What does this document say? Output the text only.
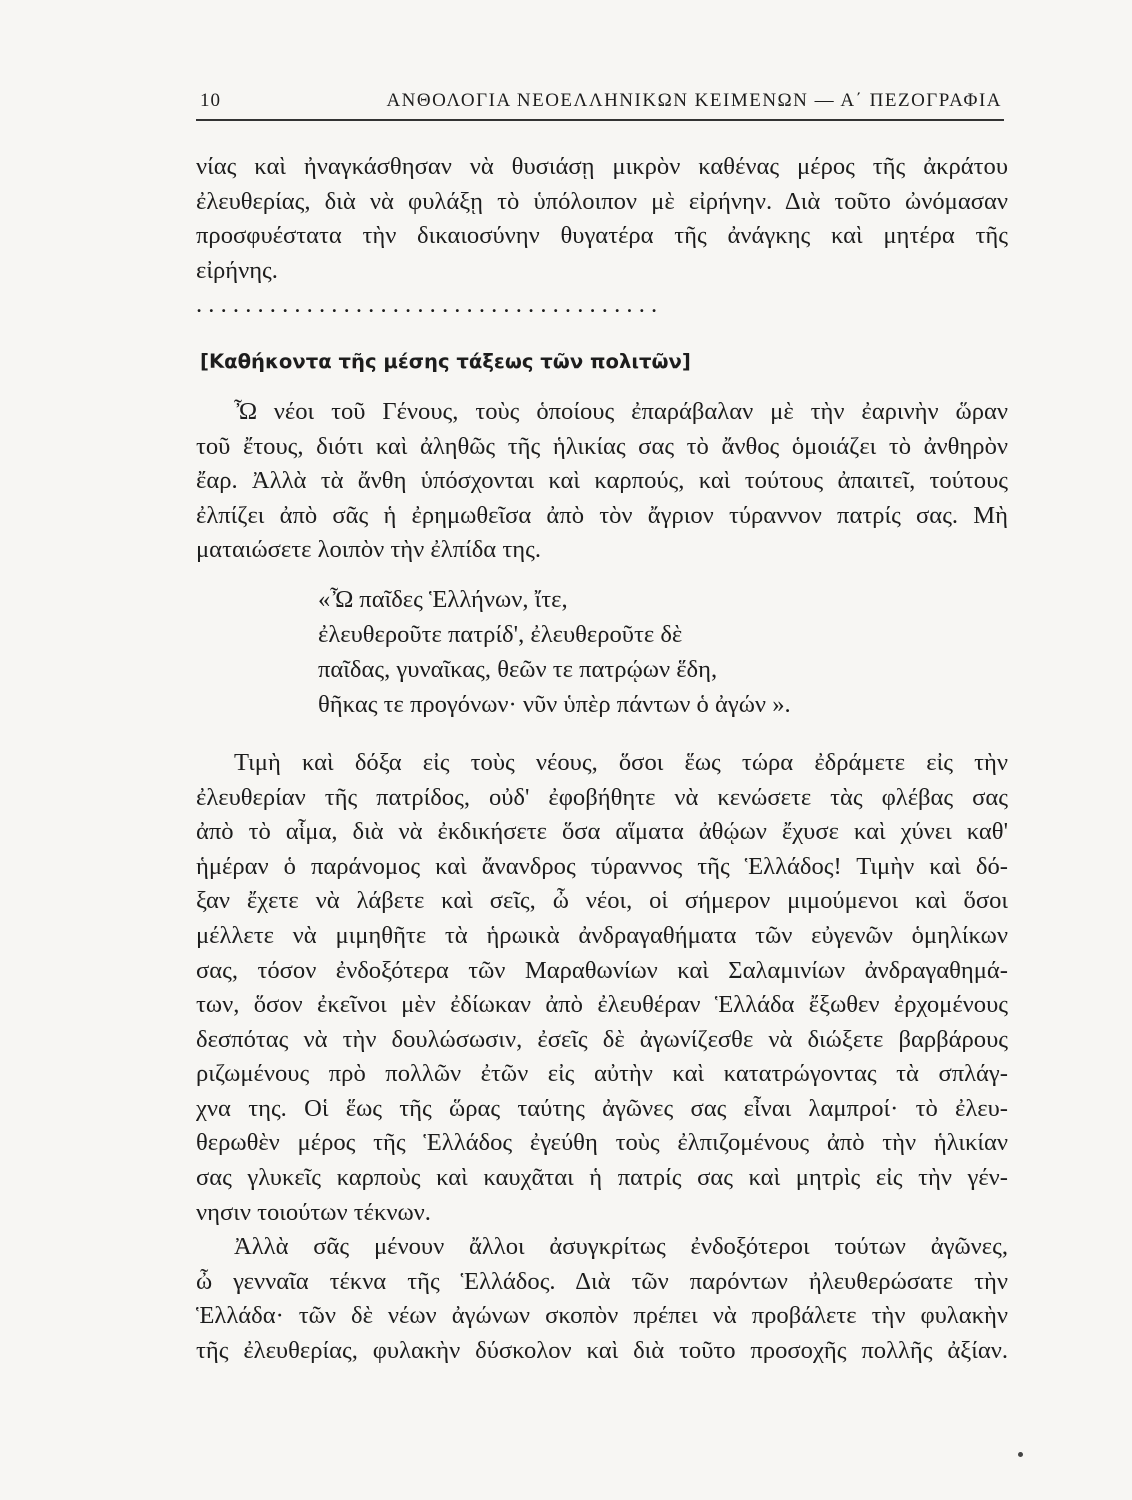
10	ΑΝΘΟΛΟΓΙΑ ΝΕΟΕΛΛΗΝΙΚΩΝ ΚΕΙΜΕΝΩΝ — Α΄ ΠΕΖΟΓΡΑΦΙΑ
νίας καὶ ἠναγκάσθησαν νὰ θυσιάσῃ μικρὸν καθένας μέρος τῆς ἀκράτου
ἐλευθερίας, διὰ νὰ φυλάξῃ τὸ ὑπόλοιπον μὲ εἰρήνην. Διὰ τοῦτο ὠνόμασαν
προσφυέστατα τὴν δικαιοσύνην θυγατέρα τῆς ἀνάγκης καὶ μητέρα τῆς
εἰρήνης.
. . . . . . . . . . . . . . . . . . . . . . . . . . . . . . . . . . . . . .
[Καθήκοντα τῆς μέσης τάξεως τῶν πολιτῶν]
Ὦ νέοι τοῦ Γένους, τοὺς ὁποίους ἐπαράβαλαν μὲ τὴν ἐαρινὴν ὥραν
τοῦ ἔτους, διότι καὶ ἀληθῶς τῆς ἡλικίας σας τὸ ἄνθος ὁμοιάζει τὸ ἀνθηρὸν
ἔαρ. Ἀλλὰ τὰ ἄνθη ὑπόσχονται καὶ καρπούς, καὶ τούτους ἀπαιτεῖ, τούτους
ἐλπίζει ἀπὸ σᾶς ἡ ἐρημωθεῖσα ἀπὸ τὸν ἄγριον τύραννον πατρίς σας. Μὴ
ματαιώσετε λοιπὸν τὴν ἐλπίδα της.
«Ὦ παῖδες Ἑλλήνων, ἴτε,
ἐλευθεροῦτε πατρίδ', ἐλευθεροῦτε δὲ
παῖδας, γυναῖκας, θεῶν τε πατρῴων ἕδη,
θῆκας τε προγόνων· νῦν ὑπὲρ πάντων ὁ ἀγών ».
Τιμὴ καὶ δόξα εἰς τοὺς νέους, ὅσοι ἕως τώρα ἐδράμετε εἰς τὴν
ἐλευθερίαν τῆς πατρίδος, οὐδ' ἐφοβήθητε νὰ κενώσετε τὰς φλέβας σας
ἀπὸ τὸ αἷμα, διὰ νὰ ἐκδικήσετε ὅσα αἵματα ἀθῴων ἔχυσε καὶ χύνει καθ'
ἡμέραν ὁ παράνομος καὶ ἄνανδρος τύραννος τῆς Ἑλλάδος! Τιμὴν καὶ δό-
ξαν ἔχετε νὰ λάβετε καὶ σεῖς, ὦ νέοι, οἱ σήμερον μιμούμενοι καὶ ὅσοι
μέλλετε νὰ μιμηθῆτε τὰ ἡρωικὰ ἀνδραγαθήματα τῶν εὐγενῶν ὁμηλίκων
σας, τόσον ἐνδοξότερα τῶν Μαραθωνίων καὶ Σαλαμινίων ἀνδραγαθημά-
των, ὅσον ἐκεῖνοι μὲν ἐδίωκαν ἀπὸ ἐλευθέραν Ἑλλάδα ἔξωθεν ἐρχομένους
δεσπότας νὰ τὴν δουλώσωσιν, ἐσεῖς δὲ ἀγωνίζεσθε νὰ διώξετε βαρβάρους
ριζωμένους πρὸ πολλῶν ἐτῶν εἰς αὐτὴν καὶ κατατρώγοντας τὰ σπλάγ-
χνα της. Οἱ ἕως τῆς ὥρας ταύτης ἀγῶνες σας εἶναι λαμπροί· τὸ ἐλευ-
θερωθὲν μέρος τῆς Ἑλλάδος ἐγεύθη τοὺς ἐλπιζομένους ἀπὸ τὴν ἡλικίαν
σας γλυκεῖς καρποὺς καὶ καυχᾶται ἡ πατρίς σας καὶ μητρὶς εἰς τὴν γέν-
νησιν τοιούτων τέκνων.
Ἀλλὰ σᾶς μένουν ἄλλοι ἀσυγκρίτως ἐνδοξότεροι τούτων ἀγῶνες,
ὦ γενναῖα τέκνα τῆς Ἑλλάδος. Διὰ τῶν παρόντων ἠλευθερώσατε τὴν
Ἑλλάδα· τῶν δὲ νέων ἀγώνων σκοπὸν πρέπει νὰ προβάλετε τὴν φυλακὴν
τῆς ἐλευθερίας, φυλακὴν δύσκολον καὶ διὰ τοῦτο προσοχῆς πολλῆς ἀξίαν.
